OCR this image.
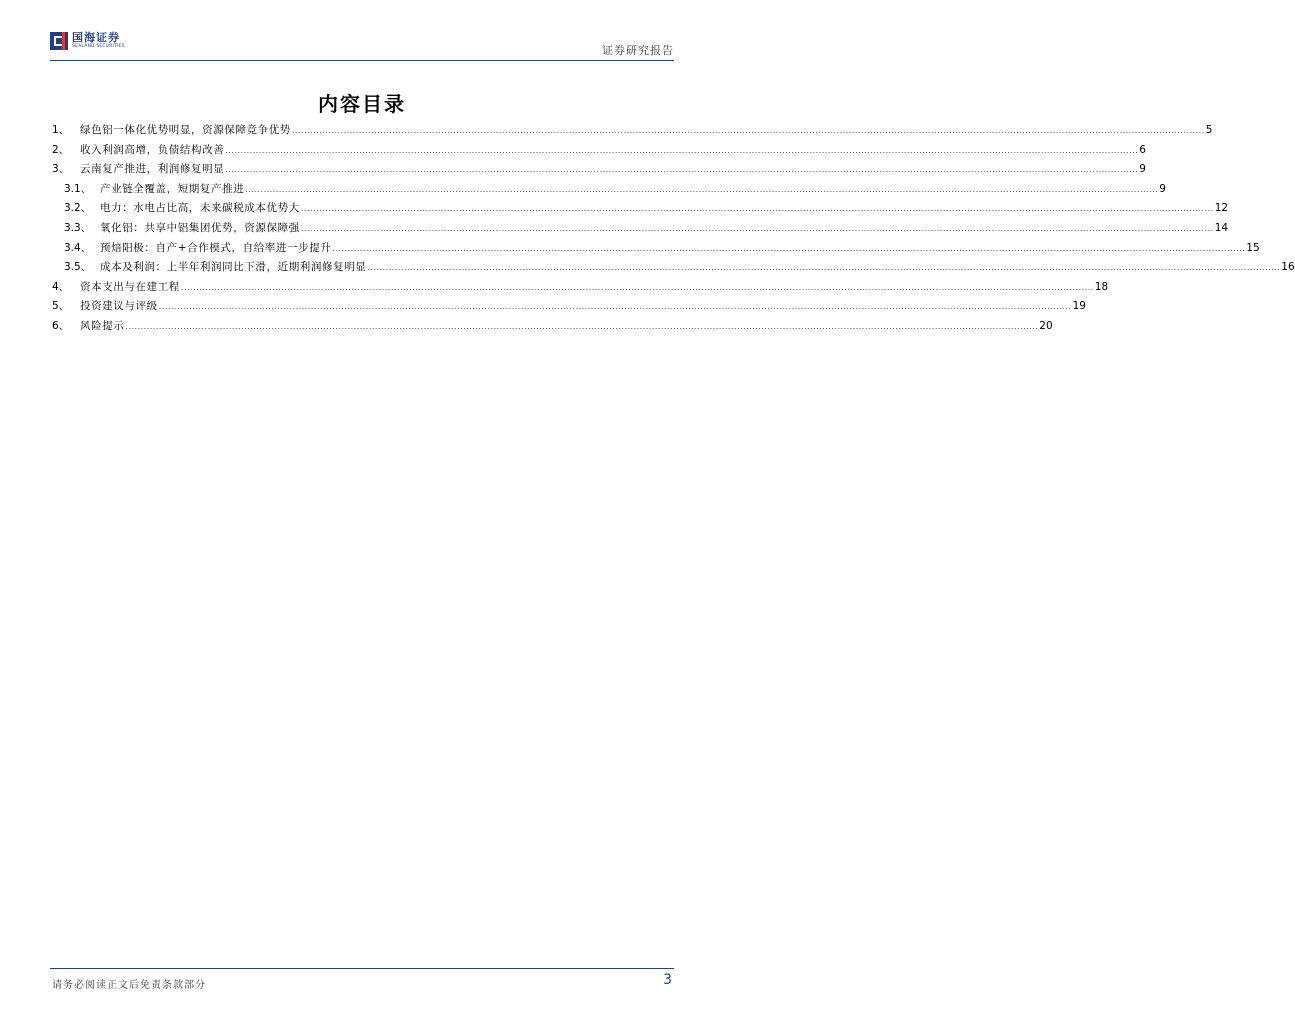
国海证券
SEALAND SECURITIES	证券研究报告
内容目录
1、	绿色铝一体化优势明显，资源保障竞争优势 ............................................................................................................................................................................................................................................................................................................ 5
2、	收入利润高增，负债结构改善 ............................................................................................................................................................................................................................................................................................................ 6
3、	云南复产推进，利润修复明显 ............................................................................................................................................................................................................................................................................................................ 9
3.1、 产业链全覆盖，短期复产推进 ............................................................................................................................................................................................................................................................................................................ 9
3.2、 电力：水电占比高，未来碳税成本优势大 ............................................................................................................................................................................................................................................................................................................ 12
3.3、 氧化铝：共享中铝集团优势，资源保障强 ............................................................................................................................................................................................................................................................................................................ 14
3.4、 预焙阳极：自产+合作模式，自给率进一步提升 ............................................................................................................................................................................................................................................................................................................ 15
3.5、 成本及利润：上半年利润同比下滑，近期利润修复明显 ............................................................................................................................................................................................................................................................................................................ 16
4、	资本支出与在建工程 ............................................................................................................................................................................................................................................................................................................ 18
5、	投资建议与评级 ............................................................................................................................................................................................................................................................................................................ 19
6、	风险提示 ............................................................................................................................................................................................................................................................................................................ 20
请务必阅读正文后免责条款部分	3
